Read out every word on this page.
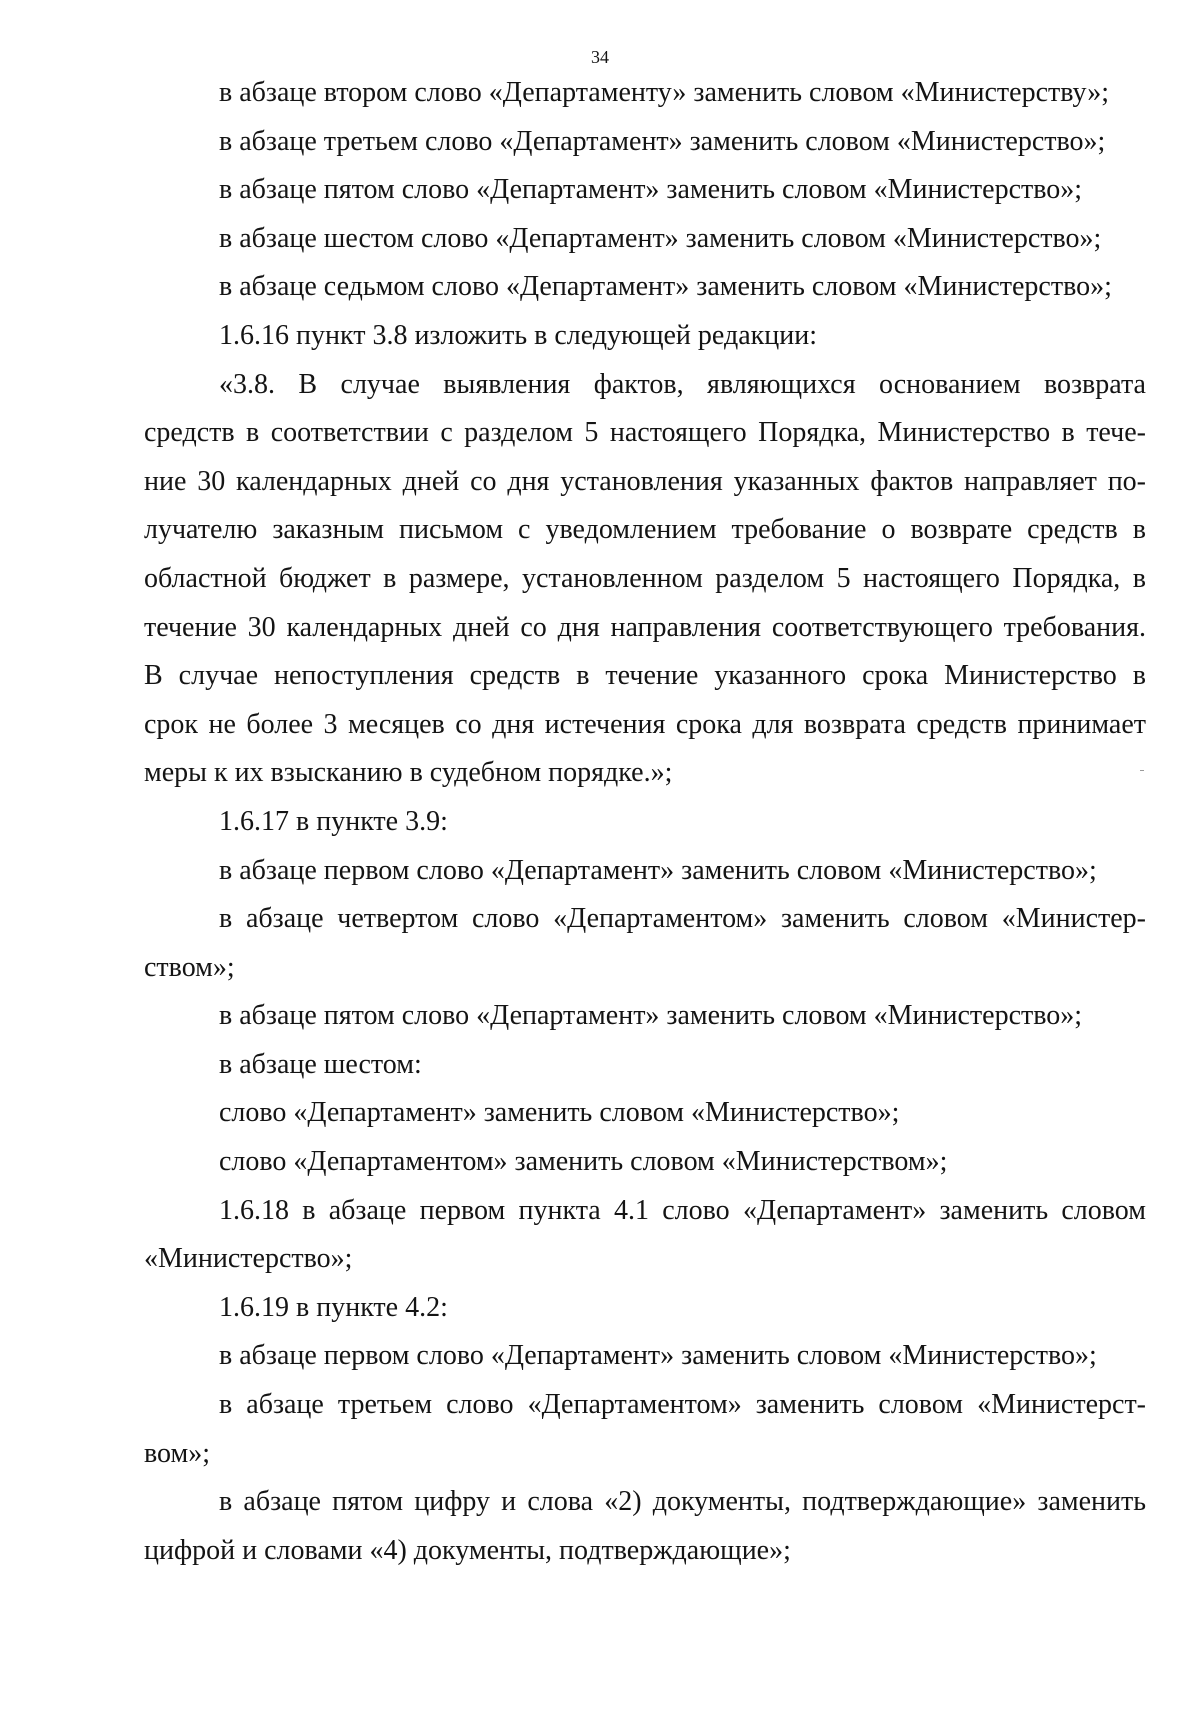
34

в абзаце втором слово «Департаменту» заменить словом «Министерству»;

в абзаце третьем слово «Департамент» заменить словом «Министерство»;

в абзаце пятом слово «Департамент» заменить словом «Министерство»;

в абзаце шестом слово «Департамент» заменить словом «Министерство»;

в абзаце седьмом слово «Департамент» заменить словом «Министерство»;

1.6.16 пункт 3.8 изложить в следующей редакции:

«3.8. В случае выявления фактов, являющихся основанием возврата
средств в соответствии с разделом 5 настоящего Порядка, Министерство в тече-
ние 30 календарных дней со дня установления указанных фактов направляет по-
лучателю заказным письмом с уведомлением требование о возврате средств в
областной бюджет в размере, установленном разделом 5 настоящего Порядка, в
течение 30 календарных дней со дня направления соответствующего требования.
В случае непоступления средств в течение указанного срока Министерство в
срок не более 3 месяцев со дня истечения срока для возврата средств принимает
меры к их взысканию в судебном порядке.»;

1.6.17 в пункте 3.9:

в абзаце первом слово «Департамент» заменить словом «Министерство»;

в абзаце четвертом слово «Департаментом» заменить словом «Министер-
ством»;

в абзаце пятом слово «Департамент» заменить словом «Министерство»;

в абзаце шестом:

слово «Департамент» заменить словом «Министерство»;

слово «Департаментом» заменить словом «Министерством»;

1.6.18 в абзаце первом пункта 4.1 слово «Департамент» заменить словом
«Министерство»;

1.6.19 в пункте 4.2:

в абзаце первом слово «Департамент» заменить словом «Министерство»;

в абзаце третьем слово «Департаментом» заменить словом «Министерст-
вом»;

в абзаце пятом цифру и слова «2) документы, подтверждающие» заменить
цифрой и словами «4) документы, подтверждающие»;
